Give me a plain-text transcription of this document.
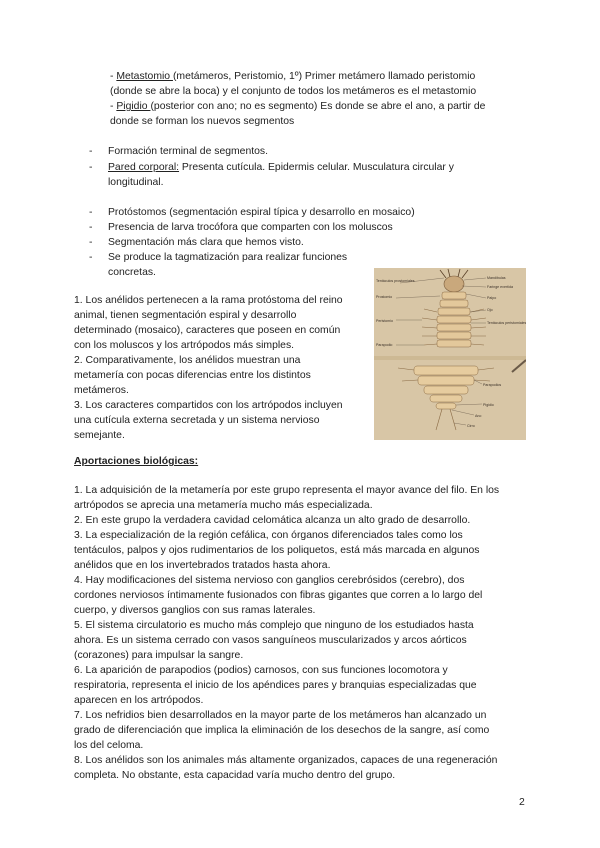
- Metastomio (metámeros, Peristomio, 1º) Primer metámero llamado peristomio
(donde se abre la boca) y el conjunto de todos los metámeros es el metastomio
- Pigidio (posterior con ano; no es segmento) Es donde se abre el ano, a partir de
donde se forman los nuevos segmentos
- Formación terminal de segmentos.
- Pared corporal: Presenta cutícula. Epidermis celular. Musculatura circular y
longitudinal.
- Protóstomos (segmentación espiral típica y desarrollo en mosaico)
- Presencia de larva trocófora que comparten con los moluscos
- Segmentación más clara que hemos visto.
- Se produce la tagmatización para realizar funciones
concretas.
1. Los anélidos pertenecen a la rama protóstoma del reino
animal, tienen segmentación espiral y desarrollo
determinado (mosaico), caracteres que poseen en común
con los moluscos y los artrópodos más simples.
2. Comparativamente, los anélidos muestran una
metamería con pocas diferencias entre los distintos
metámeros.
3. Los caracteres compartidos con los artrópodos incluyen
una cutícula externa secretada y un sistema nervioso
semejante.
Tentáculos prostomiales
Prostomio
Peristomio
Parapodio
Mandíbulas
Faringe evertida
Palpo
Ojo
Tentáculos peristomiales
Parapodios
Pigidio
Ano
Cirro
Aportaciones biológicas:
1. La adquisición de la metamería por este grupo representa el mayor avance del filo. En los
artrópodos se aprecia una metamería mucho más especializada.
2. En este grupo la verdadera cavidad celomática alcanza un alto grado de desarrollo.
3. La especialización de la región cefálica, con órganos diferenciados tales como los
tentáculos, palpos y ojos rudimentarios de los poliquetos, está más marcada en algunos
anélidos que en los invertebrados tratados hasta ahora.
4. Hay modificaciones del sistema nervioso con ganglios cerebrósidos (cerebro), dos
cordones nerviosos íntimamente fusionados con fibras gigantes que corren a lo largo del
cuerpo, y diversos ganglios con sus ramas laterales.
5. El sistema circulatorio es mucho más complejo que ninguno de los estudiados hasta
ahora. Es un sistema cerrado con vasos sanguíneos muscularizados y arcos aórticos
(corazones) para impulsar la sangre.
6. La aparición de parapodios (podios) carnosos, con sus funciones locomotora y
respiratoria, representa el inicio de los apéndices pares y branquias especializadas que
aparecen en los artrópodos.
7. Los nefridios bien desarrollados en la mayor parte de los metámeros han alcanzado un
grado de diferenciación que implica la eliminación de los desechos de la sangre, así como
los del celoma.
8. Los anélidos son los animales más altamente organizados, capaces de una regeneración
completa. No obstante, esta capacidad varía mucho dentro del grupo.
2
